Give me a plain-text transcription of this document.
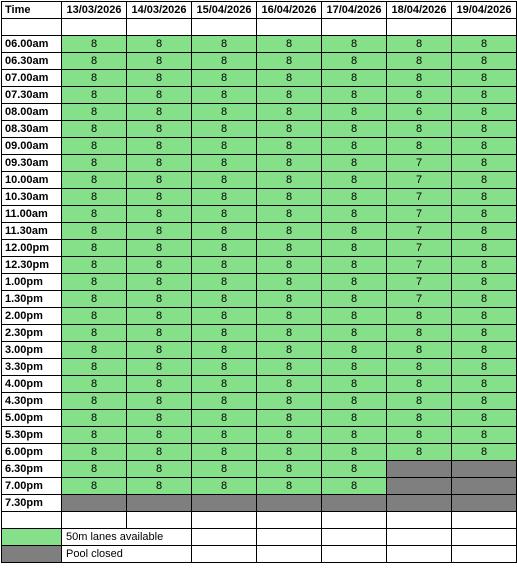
Time	13/03/2026	14/03/2026	15/04/2026	16/04/2026	17/04/2026	18/04/2026	19/04/2026

06.00am	8	8	8	8	8	8	8
06.30am	8	8	8	8	8	8	8
07.00am	8	8	8	8	8	8	8
07.30am	8	8	8	8	8	8	8
08.00am	8	8	8	8	8	6	8
08.30am	8	8	8	8	8	8	8
09.00am	8	8	8	8	8	8	8
09.30am	8	8	8	8	8	7	8
10.00am	8	8	8	8	8	7	8
10.30am	8	8	8	8	8	7	8
11.00am	8	8	8	8	8	7	8
11.30am	8	8	8	8	8	7	8
12.00pm	8	8	8	8	8	7	8
12.30pm	8	8	8	8	8	7	8
1.00pm	8	8	8	8	8	7	8
1.30pm	8	8	8	8	8	7	8
2.00pm	8	8	8	8	8	8	8
2.30pm	8	8	8	8	8	8	8
3.00pm	8	8	8	8	8	8	8
3.30pm	8	8	8	8	8	8	8
4.00pm	8	8	8	8	8	8	8
4.30pm	8	8	8	8	8	8	8
5.00pm	8	8	8	8	8	8	8
5.30pm	8	8	8	8	8	8	8
6.00pm	8	8	8	8	8	8	8
6.30pm	8	8	8	8	8		
7.00pm	8	8	8	8	8		
7.30pm							

	50m lanes available						
	Pool closed						
